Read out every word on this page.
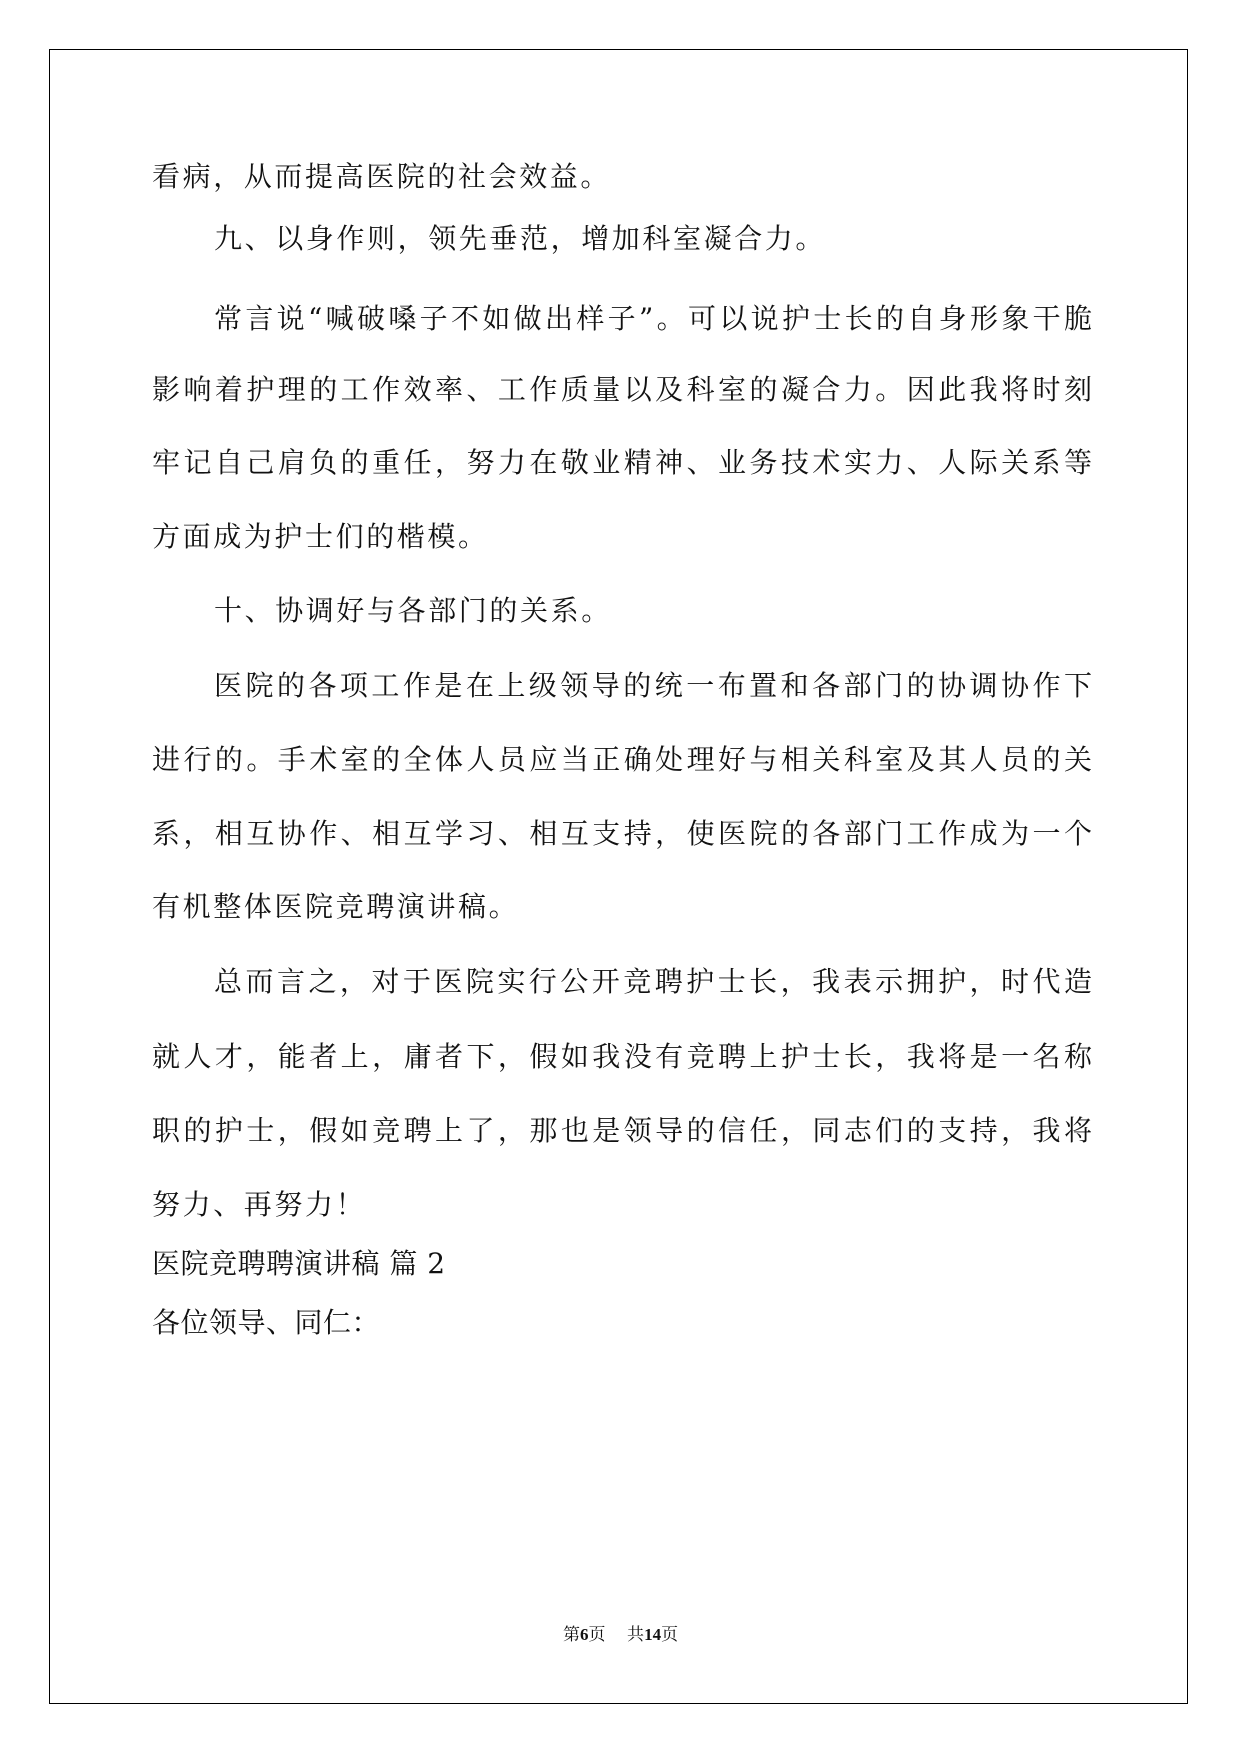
看病，从而提高医院的社会效益。

九、以身作则，领先垂范，增加科室凝合力。

常言说“喊破嗓子不如做出样子”。可以说护士长的自身形象干脆

影响着护理的工作效率、工作质量以及科室的凝合力。因此我将时刻

牢记自己肩负的重任，努力在敬业精神、业务技术实力、人际关系等

方面成为护士们的楷模。

十、协调好与各部门的关系。

医院的各项工作是在上级领导的统一布置和各部门的协调协作下

进行的。手术室的全体人员应当正确处理好与相关科室及其人员的关

系，相互协作、相互学习、相互支持，使医院的各部门工作成为一个

有机整体医院竞聘演讲稿。

总而言之，对于医院实行公开竞聘护士长，我表示拥护，时代造

就人才，能者上，庸者下，假如我没有竞聘上护士长，我将是一名称

职的护士，假如竞聘上了，那也是领导的信任，同志们的支持，我将

努力、再努力！

医院竞聘聘演讲稿 篇 2

各位领导、同仁：

第6页    共14页
